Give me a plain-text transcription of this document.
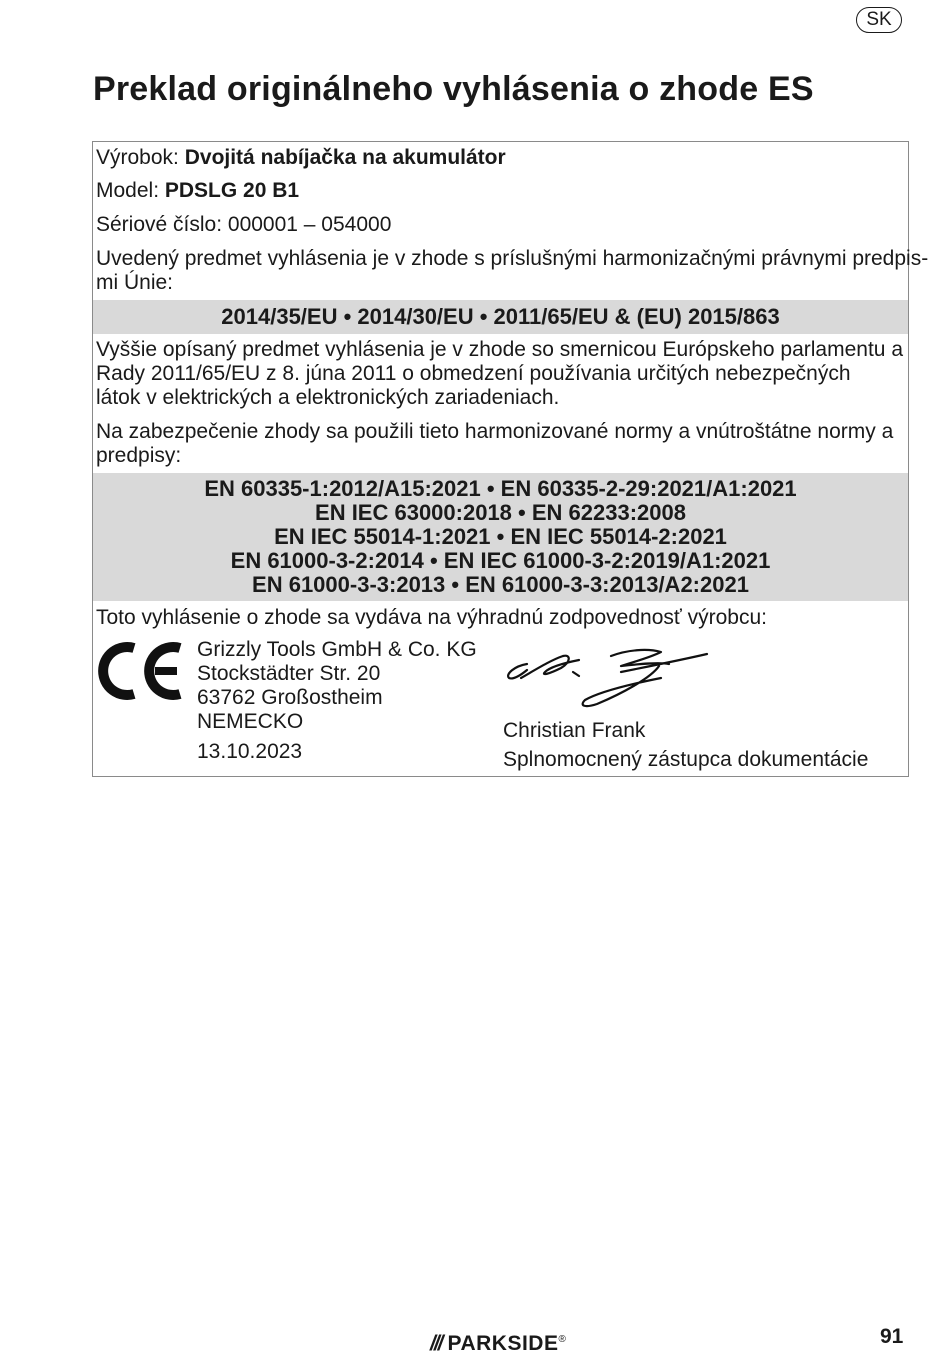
SK
Preklad originálneho vyhlásenia o zhode ES
Výrobok: Dvojitá nabíjačka na akumulátor
Model: PDSLG 20 B1
Sériové číslo: 000001 – 054000
Uvedený predmet vyhlásenia je v zhode s príslušnými harmonizačnými právnymi predpis-
mi Únie:
2014/35/EU • 2014/30/EU • 2011/65/EU & (EU) 2015/863
Vyššie opísaný predmet vyhlásenia je v zhode so smernicou Európskeho parlamentu a
Rady 2011/65/EU z 8. júna 2011 o obmedzení používania určitých nebezpečných
látok v elektrických a elektronických zariadeniach.
Na zabezpečenie zhody sa použili tieto harmonizované normy a vnútroštátne normy a
predpisy:
EN 60335-1:2012/A15:2021 • EN 60335-2-29:2021/A1:2021
EN IEC 63000:2018 • EN 62233:2008
EN IEC 55014-1:2021 • EN IEC 55014-2:2021
EN 61000-3-2:2014 • EN IEC 61000-3-2:2019/A1:2021
EN 61000-3-3:2013 • EN 61000-3-3:2013/A2:2021
Toto vyhlásenie o zhode sa vydáva na výhradnú zodpovednosť výrobcu:
Grizzly Tools GmbH & Co. KG
Stockstädter Str. 20
63762 Großostheim
NEMECKO
13.10.2023
Christian Frank
Splnomocnený zástupca dokumentácie
/// PARKSIDE®	91
